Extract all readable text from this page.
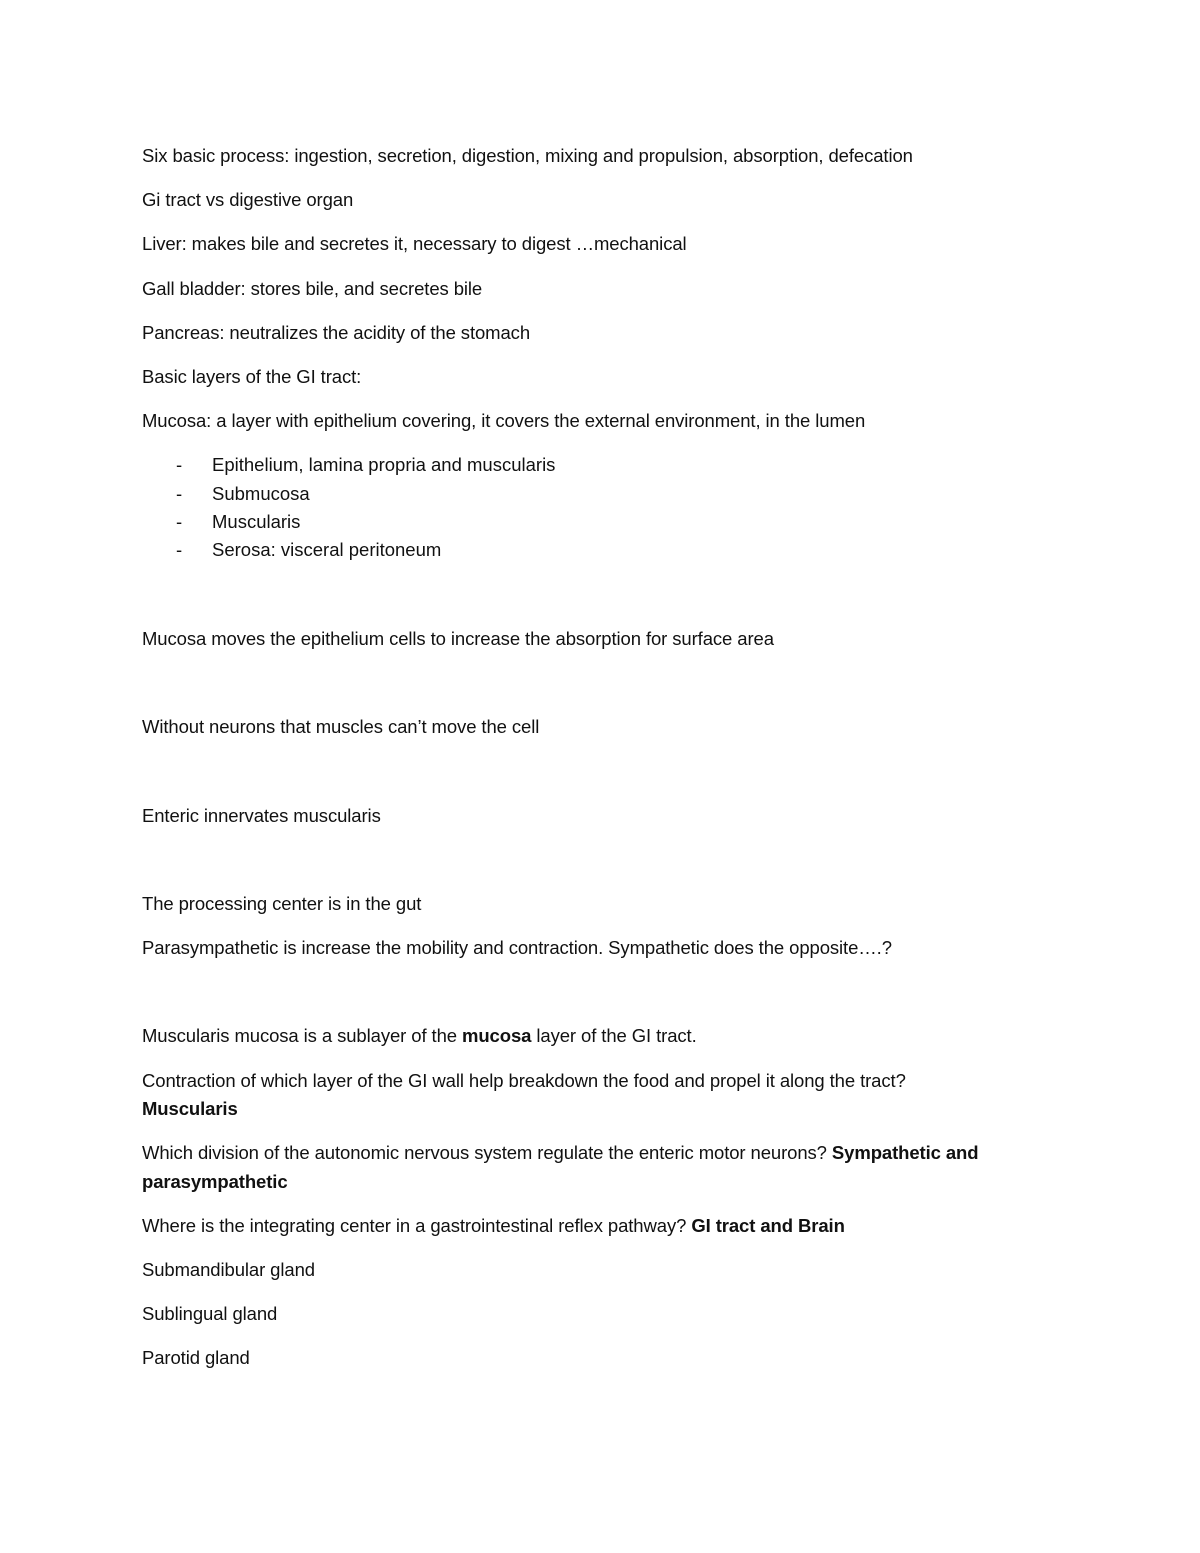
Six basic process: ingestion, secretion, digestion, mixing and propulsion, absorption, defecation
Gi tract vs digestive organ
Liver: makes bile and secretes it, necessary to digest …mechanical
Gall bladder: stores bile, and secretes bile
Pancreas: neutralizes the acidity of the stomach
Basic layers of the GI tract:
Mucosa: a layer with epithelium covering, it covers the external environment, in the lumen
- Epithelium, lamina propria and muscularis
- Submucosa
- Muscularis
- Serosa: visceral peritoneum
Mucosa moves the epithelium cells to increase the absorption for surface area
Without neurons that muscles can’t move the cell
Enteric innervates muscularis
The processing center is in the gut
Parasympathetic is increase the mobility and contraction. Sympathetic does the opposite….?
Muscularis mucosa is a sublayer of the mucosa layer of the GI tract.
Contraction of which layer of the GI wall help breakdown the food and propel it along the tract?
Muscularis
Which division of the autonomic nervous system regulate the enteric motor neurons? Sympathetic and
parasympathetic
Where is the integrating center in a gastrointestinal reflex pathway? GI tract and Brain
Submandibular gland
Sublingual gland
Parotid gland
